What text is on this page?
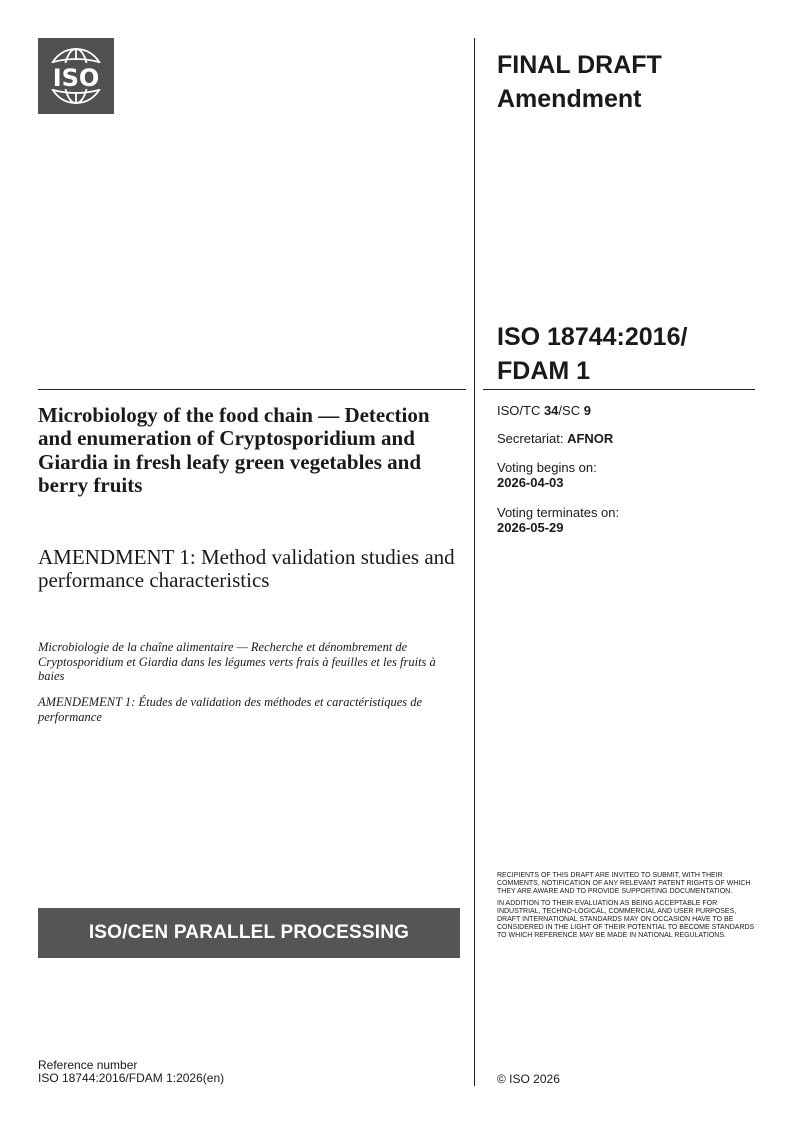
ISO	FINAL DRAFT
Amendment
ISO 18744:2016/
FDAM 1
Microbiology of the food chain — Detection and enumeration of Cryptosporidium and Giardia in fresh leafy green vegetables and berry fruits
AMENDMENT 1: Method validation studies and performance characteristics
Microbiologie de la chaîne alimentaire — Recherche et dénombrement de Cryptosporidium et Giardia dans les légumes verts frais à feuilles et les fruits à baies
AMENDEMENT 1: Études de validation des méthodes et caractéristiques de performance
ISO/TC 34/SC 9
Secretariat: AFNOR
Voting begins on:
2026-04-03
Voting terminates on:
2026-05-29

RECIPIENTS OF THIS DRAFT ARE INVITED TO SUBMIT, WITH THEIR COMMENTS, NOTIFICATION OF ANY RELEVANT PATENT RIGHTS OF WHICH THEY ARE AWARE AND TO PROVIDE SUPPORTING DOCUMENTATION.

IN ADDITION TO THEIR EVALUATION AS BEING ACCEPTABLE FOR INDUSTRIAL, TECHNO-LOGICAL, COMMERCIAL AND USER PURPOSES, DRAFT INTERNATIONAL STANDARDS MAY ON OCCASION HAVE TO BE CONSIDERED IN THE LIGHT OF THEIR POTENTIAL TO BECOME STANDARDS TO WHICH REFERENCE MAY BE MADE IN NATIONAL REGULATIONS.

ISO/CEN PARALLEL PROCESSING
Reference number
ISO 18744:2016/FDAM 1:2026(en)	© ISO 2026
